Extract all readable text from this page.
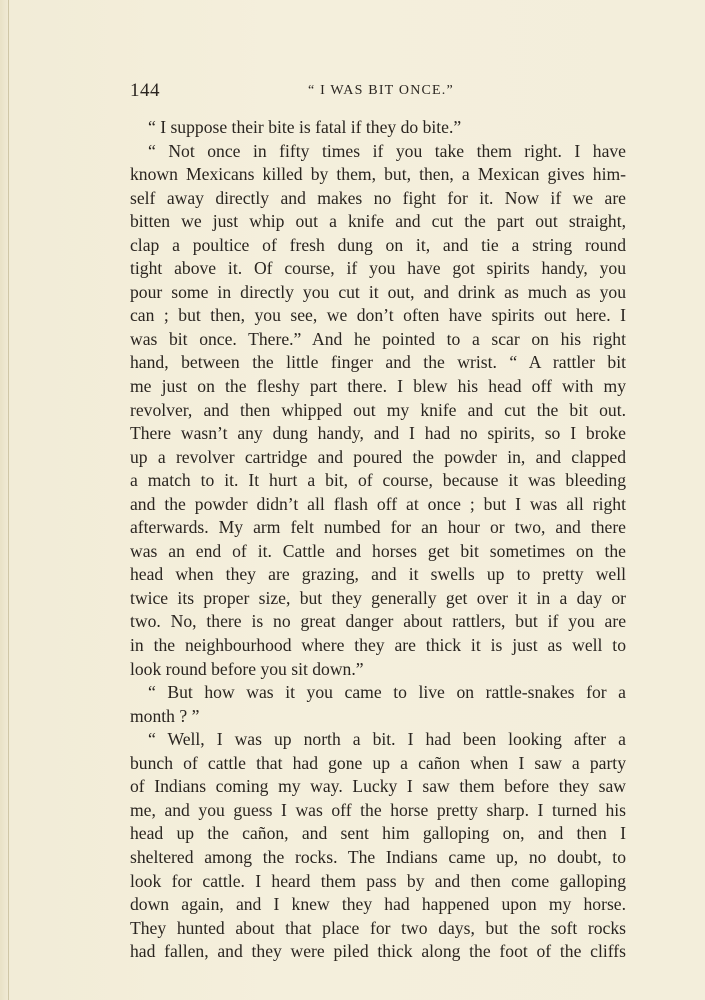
144	“ I WAS BIT ONCE.”
“ I suppose their bite is fatal if they do bite.”
“ Not once in fifty times if you take them right. I have
known Mexicans killed by them, but, then, a Mexican gives him-
self away directly and makes no fight for it. Now if we are
bitten we just whip out a knife and cut the part out straight,
clap a poultice of fresh dung on it, and tie a string round
tight above it. Of course, if you have got spirits handy, you
pour some in directly you cut it out, and drink as much as you
can ; but then, you see, we don’t often have spirits out here. I
was bit once. There.” And he pointed to a scar on his right
hand, between the little finger and the wrist. “ A rattler bit
me just on the fleshy part there. I blew his head off with my
revolver, and then whipped out my knife and cut the bit out.
There wasn’t any dung handy, and I had no spirits, so I broke
up a revolver cartridge and poured the powder in, and clapped
a match to it. It hurt a bit, of course, because it was bleeding
and the powder didn’t all flash off at once ; but I was all right
afterwards. My arm felt numbed for an hour or two, and there
was an end of it. Cattle and horses get bit sometimes on the
head when they are grazing, and it swells up to pretty well
twice its proper size, but they generally get over it in a day or
two. No, there is no great danger about rattlers, but if you are
in the neighbourhood where they are thick it is just as well to
look round before you sit down.”
“ But how was it you came to live on rattle-snakes for a
month ? ”
“ Well, I was up north a bit. I had been looking after a
bunch of cattle that had gone up a cañon when I saw a party
of Indians coming my way. Lucky I saw them before they saw
me, and you guess I was off the horse pretty sharp. I turned his
head up the cañon, and sent him galloping on, and then I
sheltered among the rocks. The Indians came up, no doubt, to
look for cattle. I heard them pass by and then come galloping
down again, and I knew they had happened upon my horse.
They hunted about that place for two days, but the soft rocks
had fallen, and they were piled thick along the foot of the cliffs
